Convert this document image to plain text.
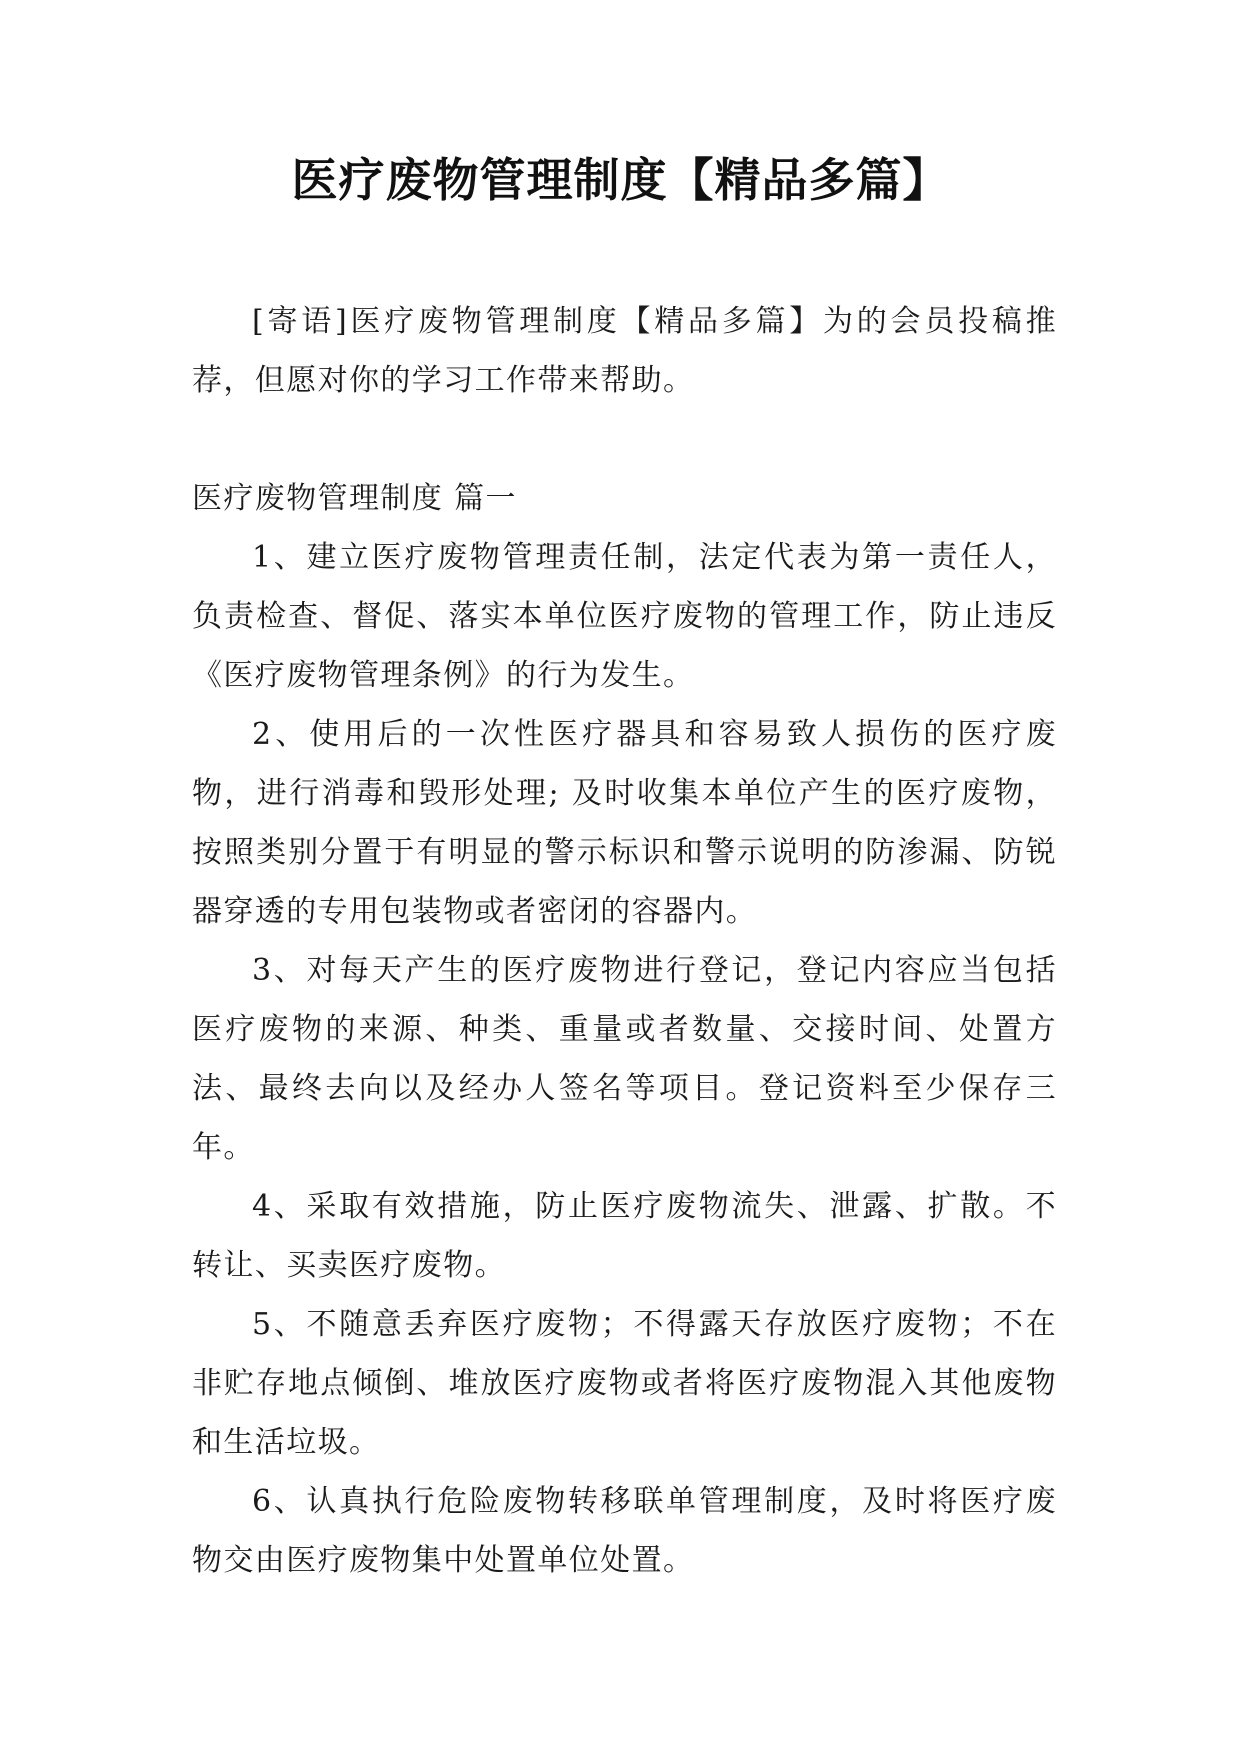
医疗废物管理制度【精品多篇】

[寄语]医疗废物管理制度【精品多篇】为的会员投稿推荐，但愿对你的学习工作带来帮助。

医疗废物管理制度 篇一

1、建立医疗废物管理责任制，法定代表为第一责任人，负责检查、督促、落实本单位医疗废物的管理工作，防止违反《医疗废物管理条例》的行为发生。

2、使用后的一次性医疗器具和容易致人损伤的医疗废物，进行消毒和毁形处理; 及时收集本单位产生的医疗废物，按照类别分置于有明显的警示标识和警示说明的防渗漏、防锐器穿透的专用包装物或者密闭的容器内。

3、对每天产生的医疗废物进行登记，登记内容应当包括医疗废物的来源、种类、重量或者数量、交接时间、处置方法、最终去向以及经办人签名等项目。登记资料至少保存三年。

4、采取有效措施，防止医疗废物流失、泄露、扩散。不转让、买卖医疗废物。

5、不随意丢弃医疗废物；不得露天存放医疗废物；不在非贮存地点倾倒、堆放医疗废物或者将医疗废物混入其他废物和生活垃圾。

6、认真执行危险废物转移联单管理制度，及时将医疗废物交由医疗废物集中处置单位处置。
